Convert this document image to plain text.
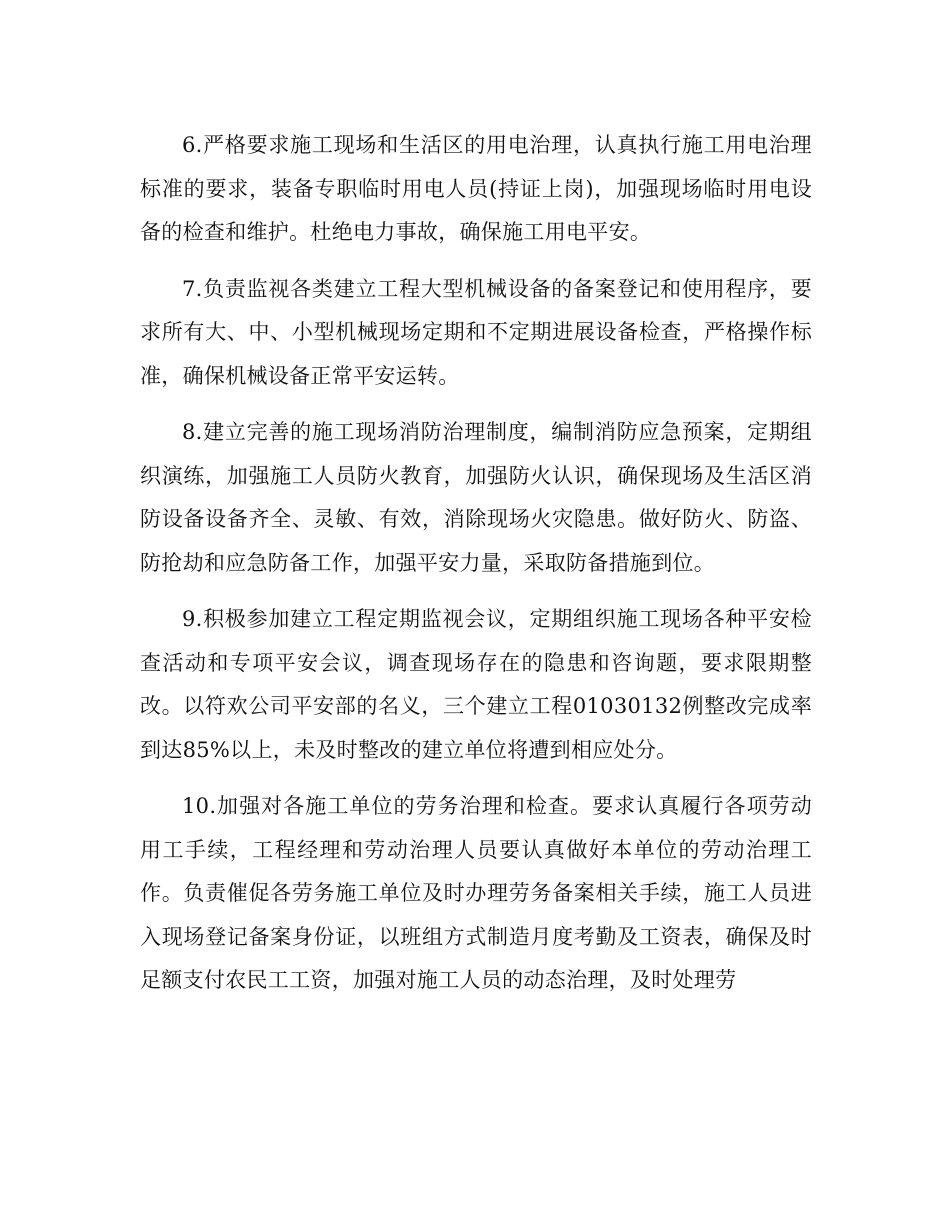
6.严格要求施工现场和生活区的用电治理，认真执行施工用电治理标准的要求，装备专职临时用电人员(持证上岗)，加强现场临时用电设备的检查和维护。杜绝电力事故，确保施工用电平安。

7.负责监视各类建立工程大型机械设备的备案登记和使用程序，要求所有大、中、小型机械现场定期和不定期进展设备检查，严格操作标准，确保机械设备正常平安运转。

8.建立完善的施工现场消防治理制度，编制消防应急预案，定期组织演练，加强施工人员防火教育，加强防火认识，确保现场及生活区消防设备设备齐全、灵敏、有效，消除现场火灾隐患。做好防火、防盗、防抢劫和应急防备工作，加强平安力量，采取防备措施到位。

9.积极参加建立工程定期监视会议，定期组织施工现场各种平安检查活动和专项平安会议，调查现场存在的隐患和咨询题，要求限期整改。以符欢公司平安部的名义，三个建立工程01030132例整改完成率到达85%以上，未及时整改的建立单位将遭到相应处分。

10.加强对各施工单位的劳务治理和检查。要求认真履行各项劳动用工手续，工程经理和劳动治理人员要认真做好本单位的劳动治理工作。负责催促各劳务施工单位及时办理劳务备案相关手续，施工人员进入现场登记备案身份证，以班组方式制造月度考勤及工资表，确保及时足额支付农民工工资，加强对施工人员的动态治理，及时处理劳
